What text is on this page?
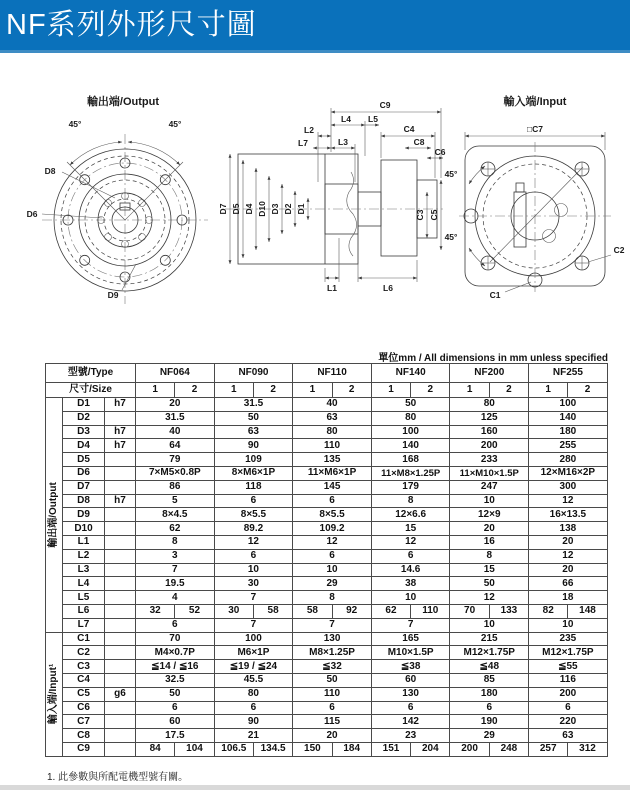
NF系列外形尺寸圖
輸出端/Output
45°	45°
D8
D6
D9
C9
L4 L5
L2
L7	L3
C4
C8
C6
D7 D5 D4 D10 D3 D2 D1
C3 C5
L1	L6
輸入端/Input
□C7
45°
45°
C1
C2
單位mm / All dimensions in mm unless specified
型號/Type			NF064		NF090		NF110		NF140		NF200		NF255	
尺寸/Size			1	2	1	2	1	2	1	2	1	2	1	2

輸出端/Output	D1	h7	20		31.5		40		50		80		100	
	D2		31.5		50		63		80		125		140	
	D3	h7	40		63		80		100		160		180	
	D4	h7	64		90		110		140		200		255	
	D5		79		109		135		168		233		280	
	D6		7×M5×0.8P		8×M6×1P		11×M6×1P		11×M8×1.25P		11×M10×1.5P		12×M16×2P	
	D7		86		118		145		179		247		300	
	D8	h7	5		6		6		8		10		12	
	D9		8×4.5		8×5.5		8×5.5		12×6.6		12×9		16×13.5	
	D10		62		89.2		109.2		15		20		138	
	L1		8		12		12		12		16		20	
	L2		3		6		6		6		8		12	
	L3		7		10		10		14.6		15		20	
	L4		19.5		30		29		38		50		66	
	L5		4		7		8		10		12		18	
	L6		32	52	30	58	58	92	62	110	70	133	82	148
	L7		6		7		7		7		10		10	

輸入端/Input¹	C1		70		100		130		165		215		235	
	C2		M4×0.7P		M6×1P		M8×1.25P		M10×1.5P		M12×1.75P		M12×1.75P	
	C3		≦14 / ≦16		≦19 / ≦24		≦32		≦38		≦48		≦55	
	C4		32.5		45.5		50		60		85		116	
	C5	g6	50		80		110		130		180		200	
	C6		6		6		6		6		6		6	
	C7		60		90		115		142		190		220	
	C8		17.5		21		20		23		29		63	
	C9		84	104	106.5	134.5	150	184	151	204	200	248	257	312
1. 此參數與所配電機型號有關。
